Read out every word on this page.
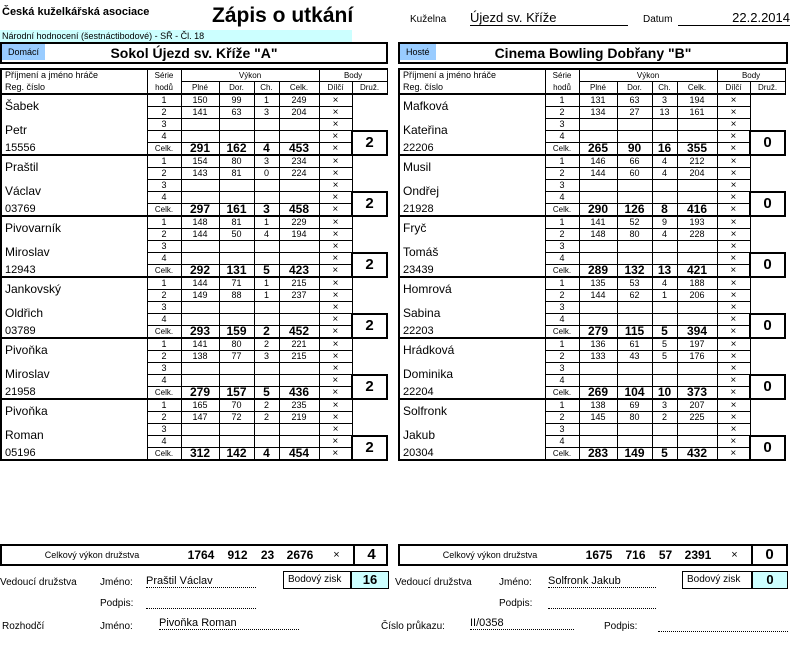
Česká kuželkářská asociace
Národní hodnocení (šestnáctibodové) - SŘ - Čl. 18
Zápis o utkání	Kuželna Újezd sv. Kříže	Datum	22.2.2014
Domácí	Sokol Újezd sv. Kříže "A"	Hosté	Cinema Bowling Dobřany "B"
Příjmení a jméno hráče	Série	Výkon				Body	
Reg. číslo	hodů	Plné	Dor.	Ch.	Celk.	Dílčí	Druž.
Šabek	1	150	99	1	249	×	
	2	141	63	3	204	×	
Petr	3					×	
	4					×	2
15556	Celk.	291	162	4	453	×	
Praštil	1	154	80	3	234	×	
	2	143	81	0	224	×	
Václav	3					×	
	4					×	2
03769	Celk.	297	161	3	458	×	
Pivovarník	1	148	81	1	229	×	
	2	144	50	4	194	×	
Miroslav	3					×	
	4					×	2
12943	Celk.	292	131	5	423	×	
Jankovský	1	144	71	1	215	×	
	2	149	88	1	237	×	
Oldřich	3					×	
	4					×	2
03789	Celk.	293	159	2	452	×	
Pivoňka	1	141	80	2	221	×	
	2	138	77	3	215	×	
Miroslav	3					×	
	4					×	2
21958	Celk.	279	157	5	436	×	
Pivoňka	1	165	70	2	235	×	
	2	147	72	2	219	×	
Roman	3					×	
	4					×	2
05196	Celk.	312	142	4	454	×	
Příjmení a jméno hráče	Série	Výkon				Body	
Reg. číslo	hodů	Plné	Dor.	Ch.	Celk.	Dílčí	Druž.
Mafková	1	131	63	3	194	×	
	2	134	27	13	161	×	
Kateřina	3					×	
	4					×	0
22206	Celk.	265	90	16	355	×	
Musil	1	146	66	4	212	×	
	2	144	60	4	204	×	
Ondřej	3					×	
	4					×	0
21928	Celk.	290	126	8	416	×	
Fryč	1	141	52	9	193	×	
	2	148	80	4	228	×	
Tomáš	3					×	
	4					×	0
23439	Celk.	289	132	13	421	×	
Homrová	1	135	53	4	188	×	
	2	144	62	1	206	×	
Sabina	3					×	
	4					×	0
22203	Celk.	279	115	5	394	×	
Hrádková	1	136	61	5	197	×	
	2	133	43	5	176	×	
Dominika	3					×	
	4					×	0
22204	Celk.	269	104	10	373	×	
Solfronk	1	138	69	3	207	×	
	2	145	80	2	225	×	
Jakub	3					×	
	4					×	0
20304	Celk.	283	149	5	432	×	
Celkový výkon družstva	1764	912	23	2676	×	4	Celkový výkon družstva	1675	716	57	2391	×	0
Vedoucí družstva Jméno: Praštil Václav	Bodový zisk	16
Podpis:
Vedoucí družstva	Jméno: Solfronk Jakub	Bodový zisk	0
Podpis:
Rozhodčí	Jméno: Pivoňka Roman	Číslo průkazu: II/0358	Podpis:
